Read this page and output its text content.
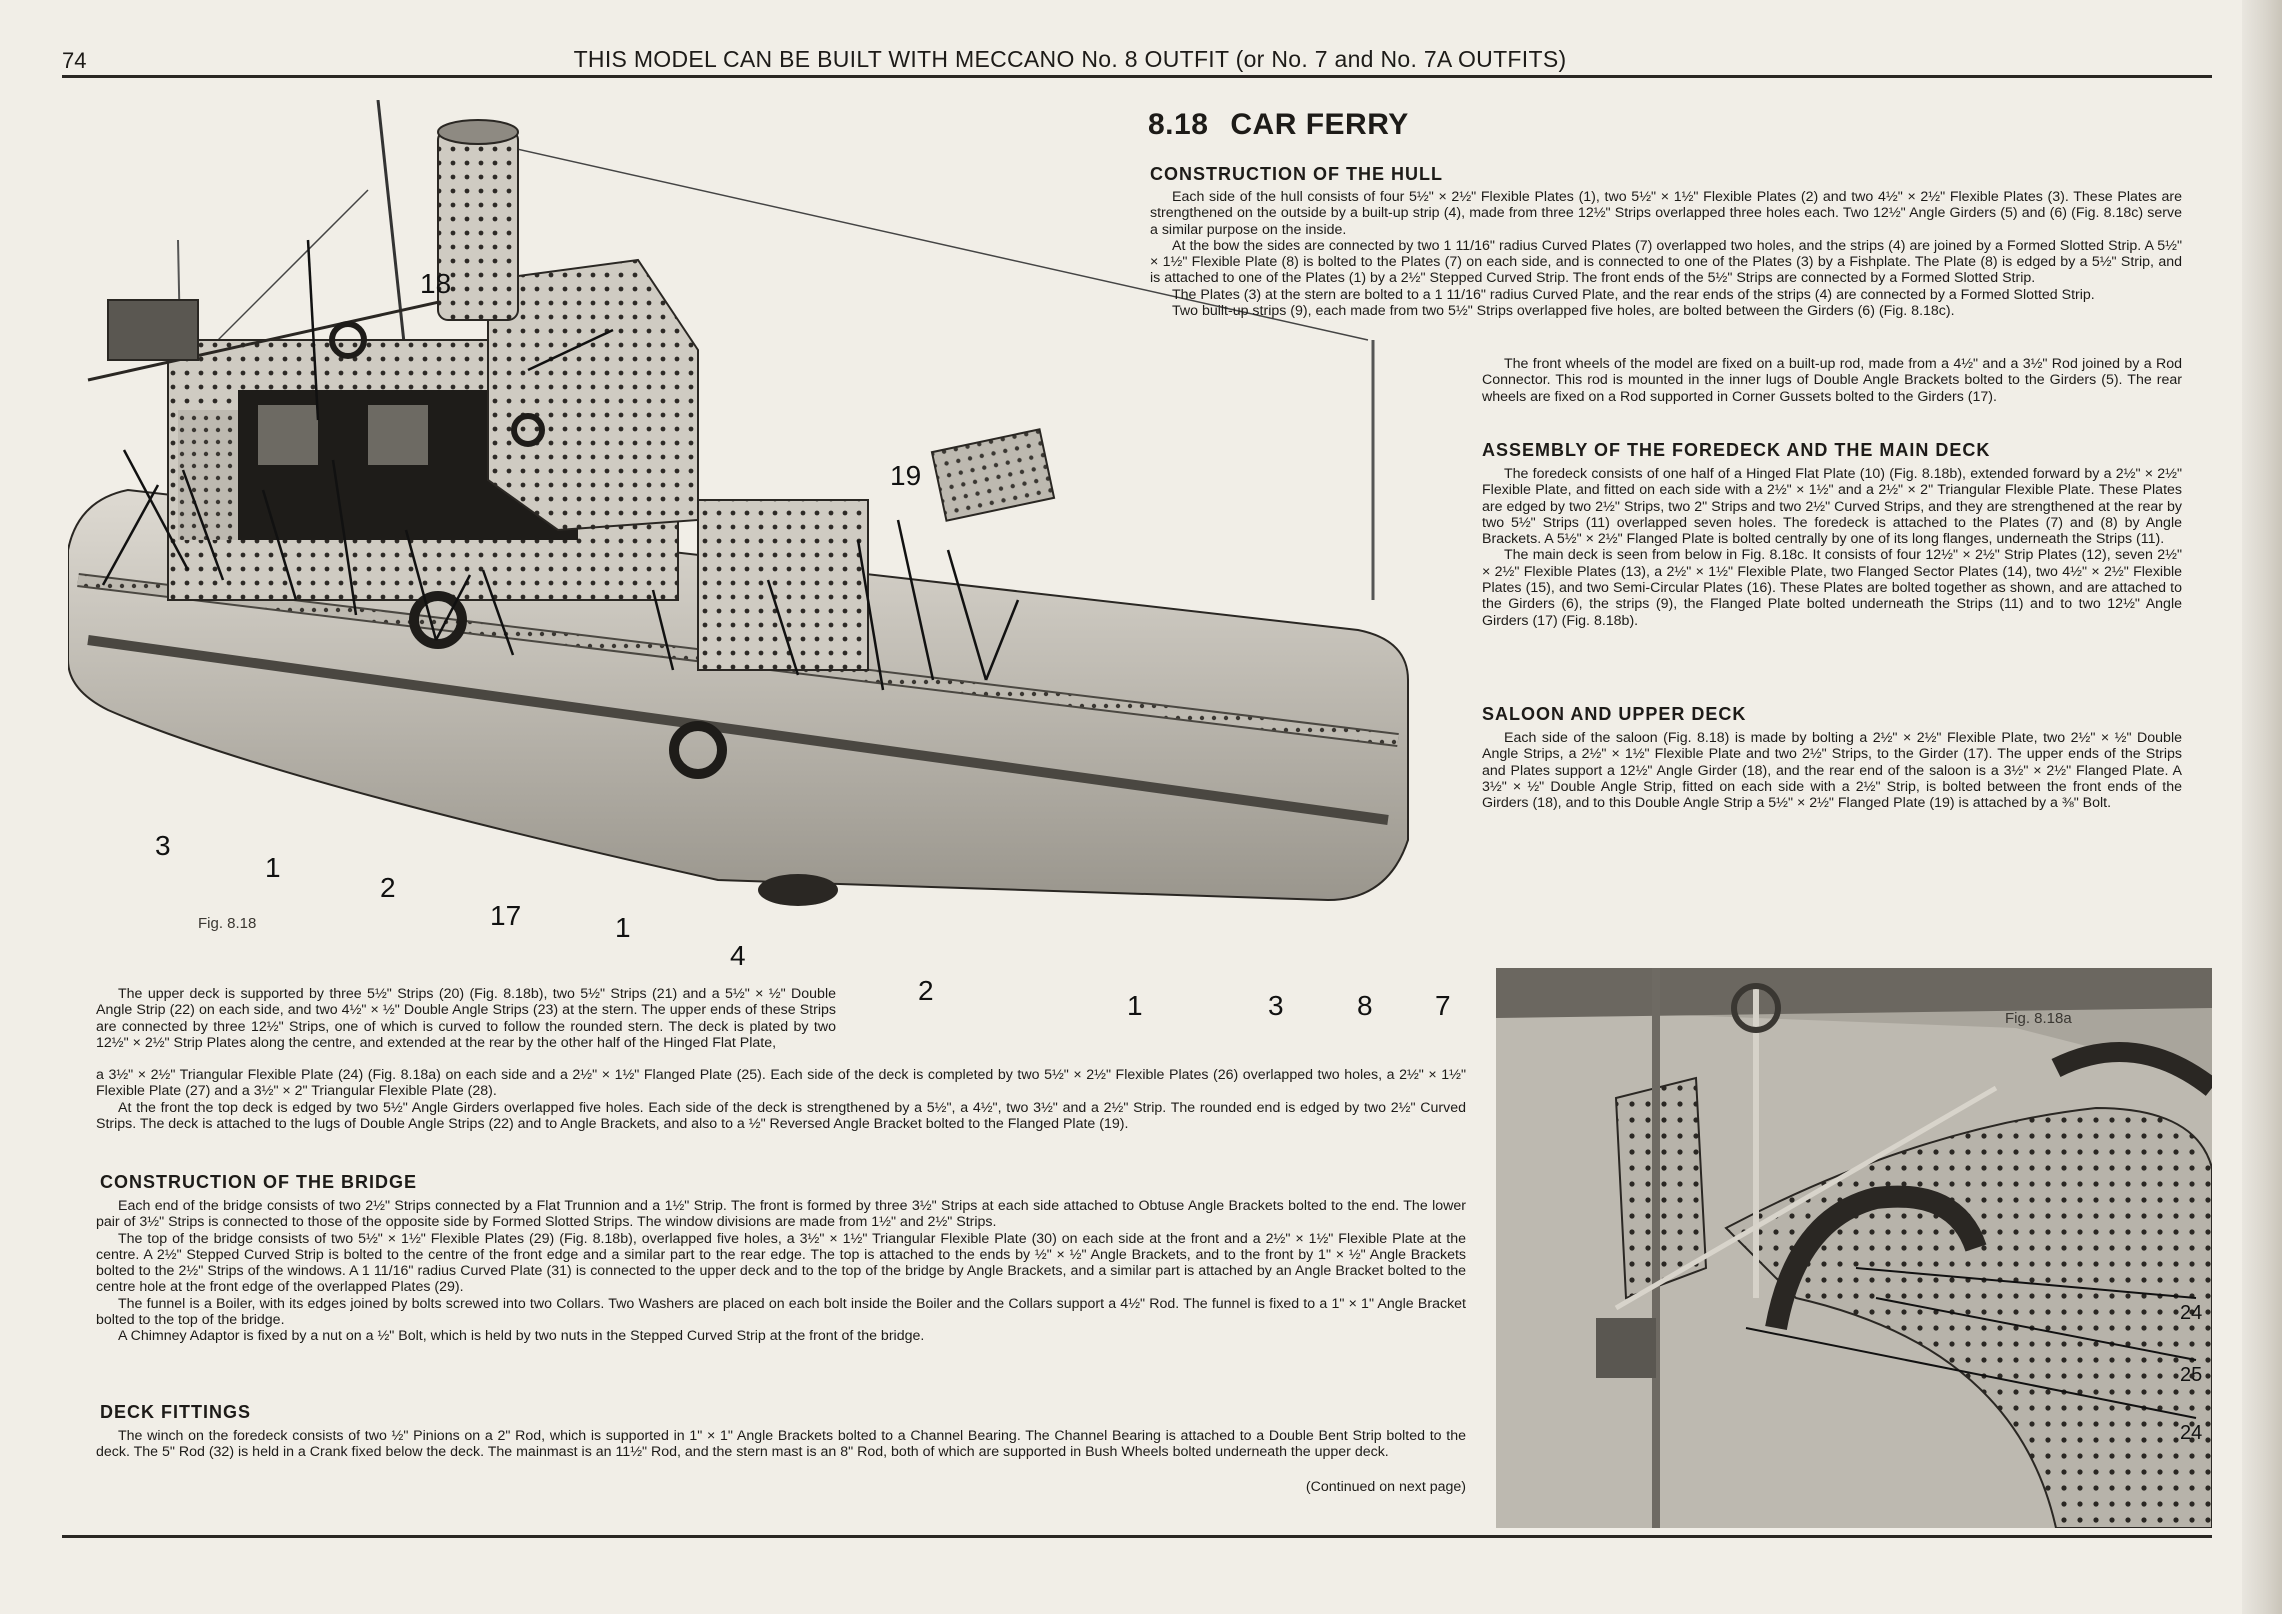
74	THIS MODEL CAN BE BUILT WITH MECCANO No. 8 OUTFIT (or No. 7 and No. 7A OUTFITS)
18
19
3
1
2
17	1
4
2	1	3	8 7
Fig. 8.18
8.18 CAR FERRY
CONSTRUCTION OF THE HULL

Each side of the hull consists of four 5½" × 2½" Flexible Plates (1), two 5½" × 1½" Flexible Plates (2) and two 4½" × 2½" Flexible Plates (3). These Plates are strengthened on the outside by a built-up strip (4), made from three 12½" Strips overlapped three holes each. Two 12½" Angle Girders (5) and (6) (Fig. 8.18c) serve a similar purpose on the inside.

At the bow the sides are connected by two 1 11/16" radius Curved Plates (7) overlapped two holes, and the strips (4) are joined by a Formed Slotted Strip. A 5½" × 1½" Flexible Plate (8) is bolted to the Plates (7) on each side, and is connected to one of the Plates (3) by a Fishplate. The Plate (8) is edged by a 5½" Strip, and is attached to one of the Plates (1) by a 2½" Stepped Curved Strip. The front ends of the 5½" Strips are connected by a Formed Slotted Strip.

The Plates (3) at the stern are bolted to a 1 11/16" radius Curved Plate, and the rear ends of the strips (4) are connected by a Formed Slotted Strip.

Two built-up strips (9), each made from two 5½" Strips overlapped five holes, are bolted between the Girders (6) (Fig. 8.18c).

The front wheels of the model are fixed on a built-up rod, made from a 4½" and a 3½" Rod joined by a Rod Connector. This rod is mounted in the inner lugs of Double Angle Brackets bolted to the Girders (5). The rear wheels are fixed on a Rod supported in Corner Gussets bolted to the Girders (17).

ASSEMBLY OF THE FOREDECK AND THE MAIN DECK

The foredeck consists of one half of a Hinged Flat Plate (10) (Fig. 8.18b), extended forward by a 2½" × 2½" Flexible Plate, and fitted on each side with a 2½" × 1½" and a 2½" × 2" Triangular Flexible Plate. These Plates are edged by two 2½" Strips, two 2" Strips and two 2½" Curved Strips, and they are strengthened at the rear by two 5½" Strips (11) overlapped seven holes. The foredeck is attached to the Plates (7) and (8) by Angle Brackets. A 5½" × 2½" Flanged Plate is bolted centrally by one of its long flanges, underneath the Strips (11).

The main deck is seen from below in Fig. 8.18c. It consists of four 12½" × 2½" Strip Plates (12), seven 2½" × 2½" Flexible Plates (13), a 2½" × 1½" Flexible Plate, two Flanged Sector Plates (14), two 4½" × 2½" Flexible Plates (15), and two Semi-Circular Plates (16). These Plates are bolted together as shown, and are attached to the Girders (6), the strips (9), the Flanged Plate bolted underneath the Strips (11) and to two 12½" Angle Girders (17) (Fig. 8.18b).

SALOON AND UPPER DECK

Each side of the saloon (Fig. 8.18) is made by bolting a 2½" × 2½" Flexible Plate, two 2½" × ½" Double Angle Strips, a 2½" × 1½" Flexible Plate and two 2½" Strips, to the Girder (17). The upper ends of the Strips and Plates support a 12½" Angle Girder (18), and the rear end of the saloon is a 3½" × 2½" Flanged Plate. A 3½" × ½" Double Angle Strip, fitted on each side with a 2½" Strip, is bolted between the front ends of the Girders (18), and to this Double Angle Strip a 5½" × 2½" Flanged Plate (19) is attached by a ⅜" Bolt.

The upper deck is supported by three 5½" Strips (20) (Fig. 8.18b), two 5½" Strips (21) and a 5½" × ½" Double Angle Strip (22) on each side, and two 4½" × ½" Double Angle Strips (23) at the stern. The upper ends of these Strips are connected by three 12½" Strips, one of which is curved to follow the rounded stern. The deck is plated by two 12½" × 2½" Strip Plates along the centre, and extended at the rear by the other half of the Hinged Flat Plate,

a 3½" × 2½" Triangular Flexible Plate (24) (Fig. 8.18a) on each side and a 2½" × 1½" Flanged Plate (25). Each side of the deck is completed by two 5½" × 2½" Flexible Plates (26) overlapped two holes, a 2½" × 1½" Flexible Plate (27) and a 3½" × 2" Triangular Flexible Plate (28).

At the front the top deck is edged by two 5½" Angle Girders overlapped five holes. Each side of the deck is strengthened by a 5½", a 4½", two 3½" and a 2½" Strip. The rounded end is edged by two 2½" Curved Strips. The deck is attached to the lugs of Double Angle Strips (22) and to Angle Brackets, and also to a ½" Reversed Angle Bracket bolted to the Flanged Plate (19).

CONSTRUCTION OF THE BRIDGE

Each end of the bridge consists of two 2½" Strips connected by a Flat Trunnion and a 1½" Strip. The front is formed by three 3½" Strips at each side attached to Obtuse Angle Brackets bolted to the end. The lower pair of 3½" Strips is connected to those of the opposite side by Formed Slotted Strips. The window divisions are made from 1½" and 2½" Strips.

The top of the bridge consists of two 5½" × 1½" Flexible Plates (29) (Fig. 8.18b), overlapped five holes, a 3½" × 1½" Triangular Flexible Plate (30) on each side at the front and a 2½" × 1½" Flexible Plate at the centre. A 2½" Stepped Curved Strip is bolted to the centre of the front edge and a similar part to the rear edge. The top is attached to the ends by ½" × ½" Angle Brackets, and to the front by 1" × ½" Angle Brackets bolted to the 2½" Strips of the windows. A 1 11/16" radius Curved Plate (31) is connected to the upper deck and to the top of the bridge by Angle Brackets, and a similar part is attached by an Angle Bracket bolted to the centre hole at the front edge of the overlapped Plates (29).

The funnel is a Boiler, with its edges joined by bolts screwed into two Collars. Two Washers are placed on each bolt inside the Boiler and the Collars support a 4½" Rod. The funnel is fixed to a 1" × 1" Angle Bracket bolted to the top of the bridge.

A Chimney Adaptor is fixed by a nut on a ½" Bolt, which is held by two nuts in the Stepped Curved Strip at the front of the bridge.

DECK FITTINGS

The winch on the foredeck consists of two ½" Pinions on a 2" Rod, which is supported in 1" × 1" Angle Brackets bolted to a Channel Bearing. The Channel Bearing is attached to a Double Bent Strip bolted to the deck. The 5" Rod (32) is held in a Crank fixed below the deck. The mainmast is an 11½" Rod, and the stern mast is an 8" Rod, both of which are supported in Bush Wheels bolted underneath the upper deck.

(Continued on next page)
Fig. 8.18a
24
25
24
